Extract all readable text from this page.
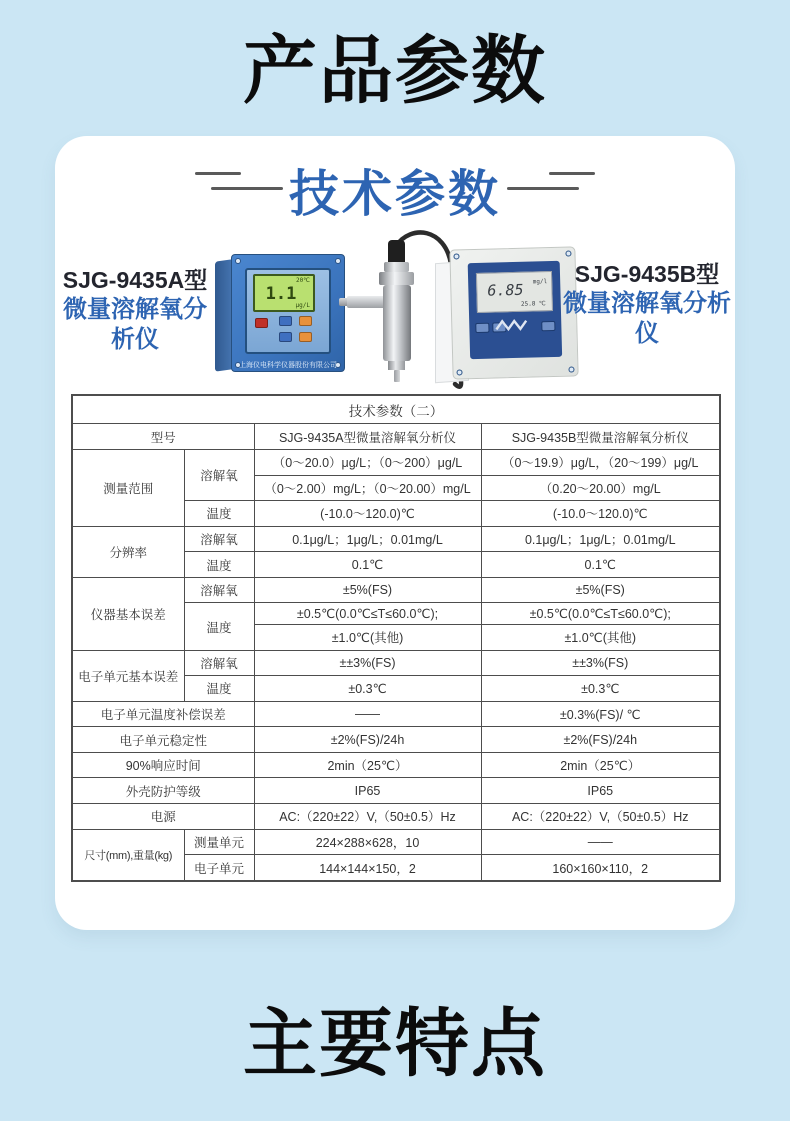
产品参数
技术参数
SJG-9435A型
微量溶解氧分析仪
20℃
1.1
μg/L
上海仪电科学仪器股份有限公司
6.85 mg/l
25.8 ℃
SJG-9435B型
微量溶解氧分析仪
技术参数（二）			
型号		SJG-9435A型微量溶解氧分析仪	SJG-9435B型微量溶解氧分析仪
测量范围	溶解氧	（0～20.0）μg/L；（0～200）μg/L	（0～19.9）μg/L，（20～199）μg/L
		（0～2.00）mg/L；（0～20.00）mg/L	（0.20～20.00）mg/L
	温度	(-10.0～120.0)℃	(-10.0～120.0)℃
分辨率	溶解氧	0.1μg/L；1μg/L；0.01mg/L	0.1μg/L；1μg/L；0.01mg/L
	温度	0.1℃	0.1℃
仪器基本误差	溶解氧	±5%(FS)	±5%(FS)
	温度	±0.5℃(0.0℃≤T≤60.0℃);	±0.5℃(0.0℃≤T≤60.0℃);
		±1.0℃(其他)	±1.0℃(其他)
电子单元基本误差	溶解氧	±±3%(FS)	±±3%(FS)
	温度	±0.3℃	±0.3℃
电子单元温度补偿误差		——	±0.3%(FS)/ ℃
电子单元稳定性		±2%(FS)/24h	±2%(FS)/24h
90%响应时间		2min（25℃）	2min（25℃）
外壳防护等级		IP65	IP65
电源		AC:（220±22）V,（50±0.5）Hz	AC:（220±22）V,（50±0.5）Hz
尺寸(mm),重量(kg)	测量单元	224×288×628，10	——
	电子单元	144×144×150，2	160×160×110，2
主要特点
